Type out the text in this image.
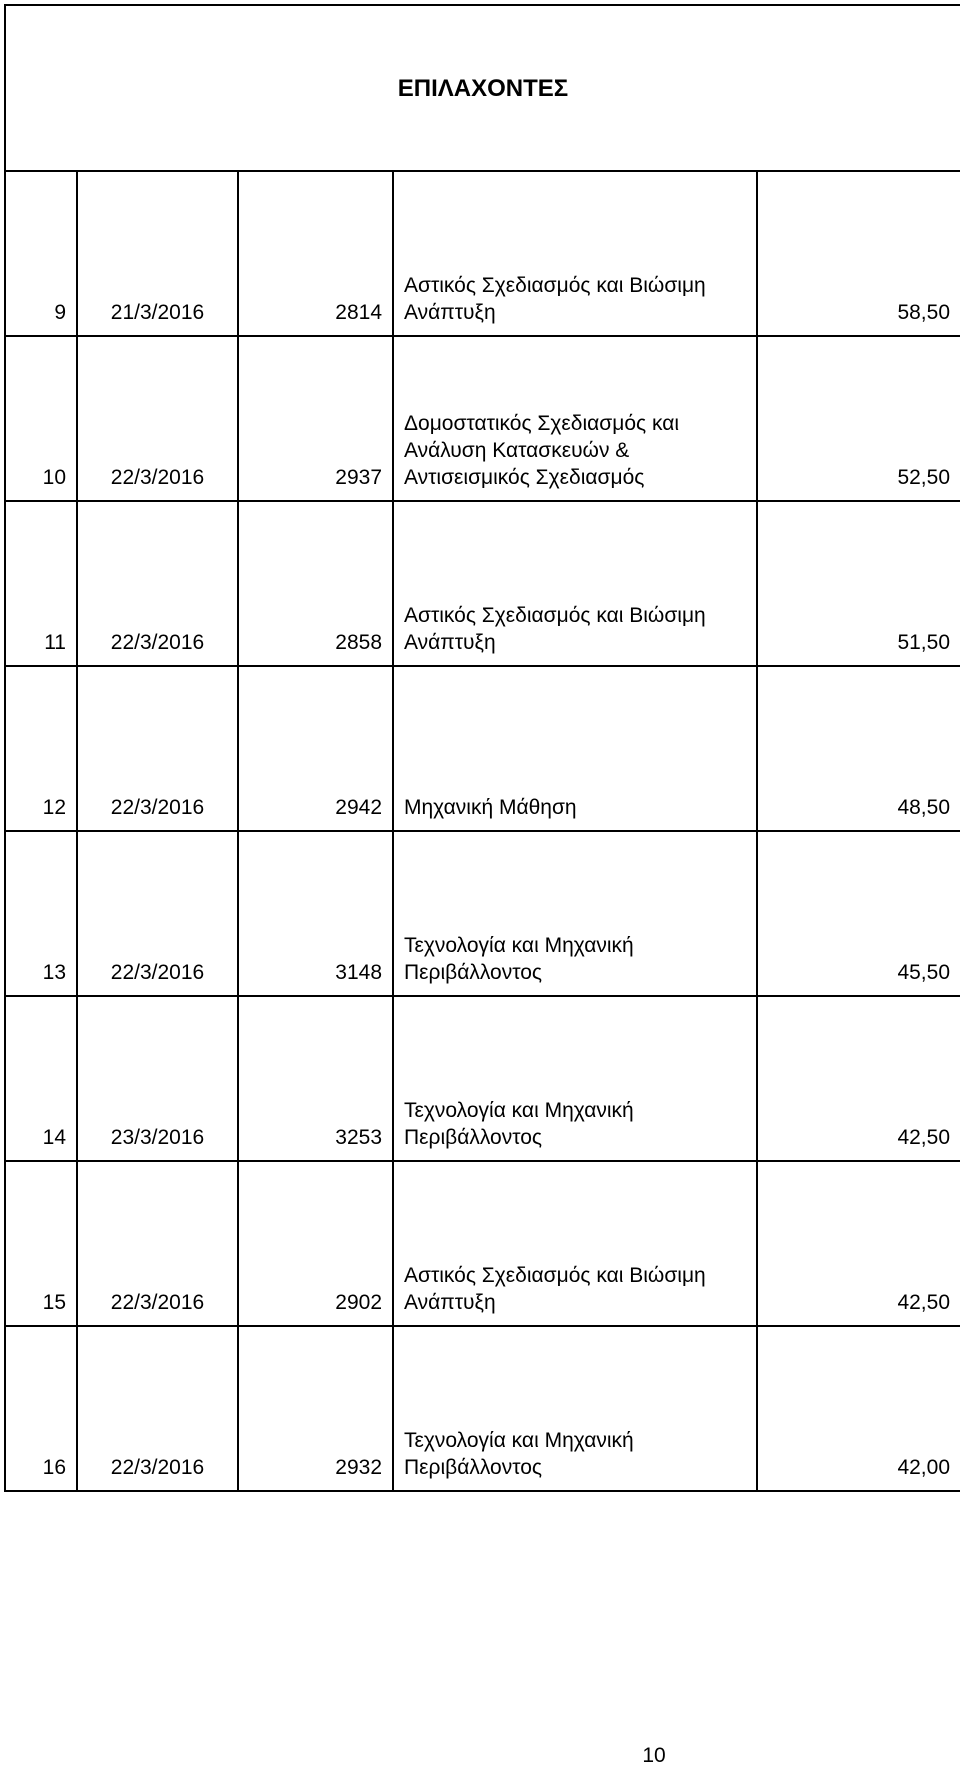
ΕΠΙΛΑΧΟΝΤΕΣ				
9	21/3/2016	2814	Αστικός Σχεδιασμός και Βιώσιμη
Ανάπτυξη	58,50
10	22/3/2016	2937	Δομοστατικός Σχεδιασμός και
Ανάλυση Κατασκευών &
Αντισεισμικός Σχεδιασμός	52,50
11	22/3/2016	2858	Αστικός Σχεδιασμός και Βιώσιμη
Ανάπτυξη	51,50
12	22/3/2016	2942	Μηχανική Μάθηση	48,50
13	22/3/2016	3148	Τεχνολογία και Μηχανική
Περιβάλλοντος	45,50
14	23/3/2016	3253	Τεχνολογία και Μηχανική
Περιβάλλοντος	42,50
15	22/3/2016	2902	Αστικός Σχεδιασμός και Βιώσιμη
Ανάπτυξη	42,50
16	22/3/2016	2932	Τεχνολογία και Μηχανική
Περιβάλλοντος	42,00
10
